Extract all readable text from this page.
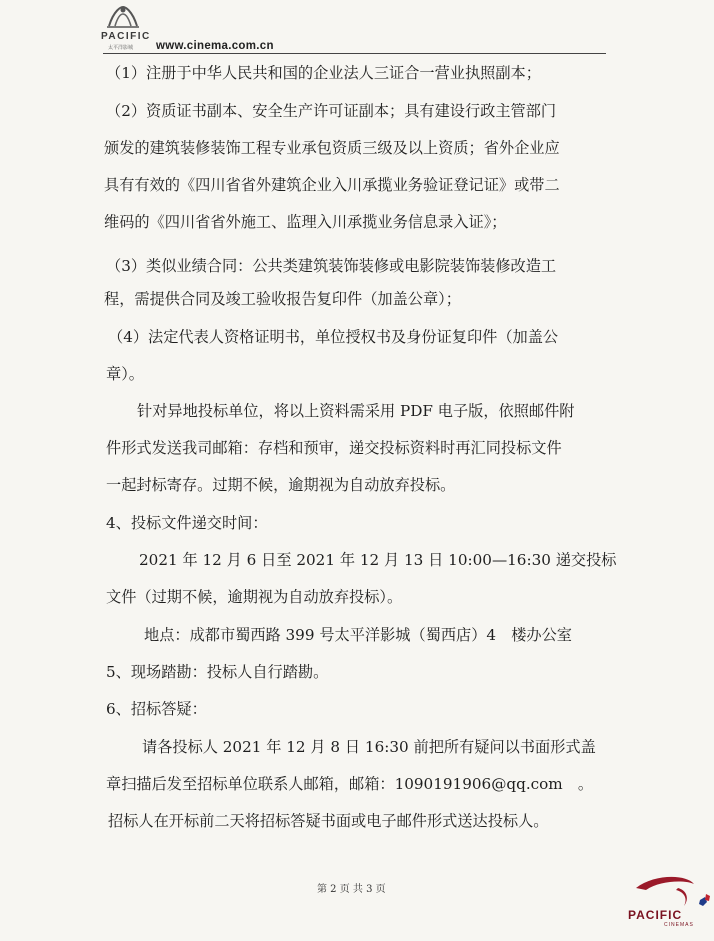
PACIFIC
太平洋影城 www.cinema.com.cn
（1）注册于中华人民共和国的企业法人三证合一营业执照副本；
（2）资质证书副本、安全生产许可证副本；具有建设行政主管部门
颁发的建筑装修装饰工程专业承包资质三级及以上资质；省外企业应
具有有效的《四川省省外建筑企业入川承揽业务验证登记证》或带二
维码的《四川省省外施工、监理入川承揽业务信息录入证》；
（3）类似业绩合同：公共类建筑装饰装修或电影院装饰装修改造工
程，需提供合同及竣工验收报告复印件（加盖公章）；
（4）法定代表人资格证明书，单位授权书及身份证复印件（加盖公
章）。
针对异地投标单位，将以上资料需采用 PDF 电子版，依照邮件附
件形式发送我司邮箱：存档和预审，递交投标资料时再汇同投标文件
一起封标寄存。过期不候，逾期视为自动放弃投标。
4、投标文件递交时间：
2021 年 12 月 6 日至 2021 年 12 月 13 日 10:00—16:30 递交投标
文件（过期不候，逾期视为自动放弃投标）。
地点：成都市蜀西路 399 号太平洋影城（蜀西店）4　楼办公室
5、现场踏勘：投标人自行踏勘。
6、招标答疑：
请各投标人 2021 年 12 月 8 日 16:30 前把所有疑问以书面形式盖
章扫描后发至招标单位联系人邮箱，邮箱：1090191906@qq.com　。
招标人在开标前二天将招标答疑书面或电子邮件形式送达投标人。
第 2 页 共 3 页
PACIFIC
CINEMAS
